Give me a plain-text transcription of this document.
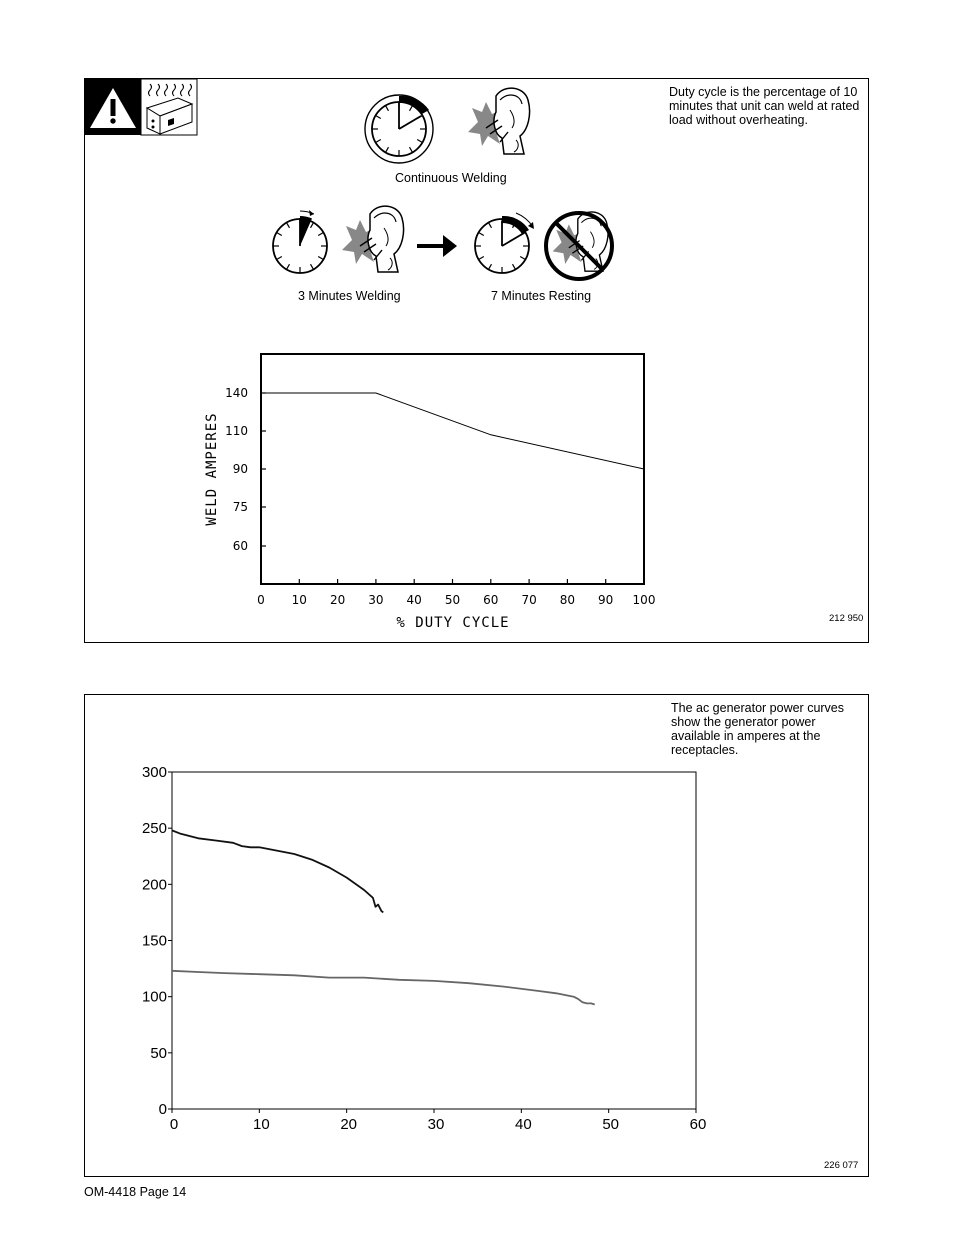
Duty cycle is the percentage of 10 minutes that unit can weld at rated load without overheating.
Continuous Welding
3 Minutes Welding	7 Minutes Resting
212 950
The ac generator power curves show the generator power available in amperes at the receptacles.
226 077
OM-4418 Page 14
0 10 20 30 40 50 60 70 80 90 100
60
75
90
110
140
% DUTY CYCLE
WELD AMPERES
0	10	20	30	40	50	60
0
50
100
150
200
250
300
